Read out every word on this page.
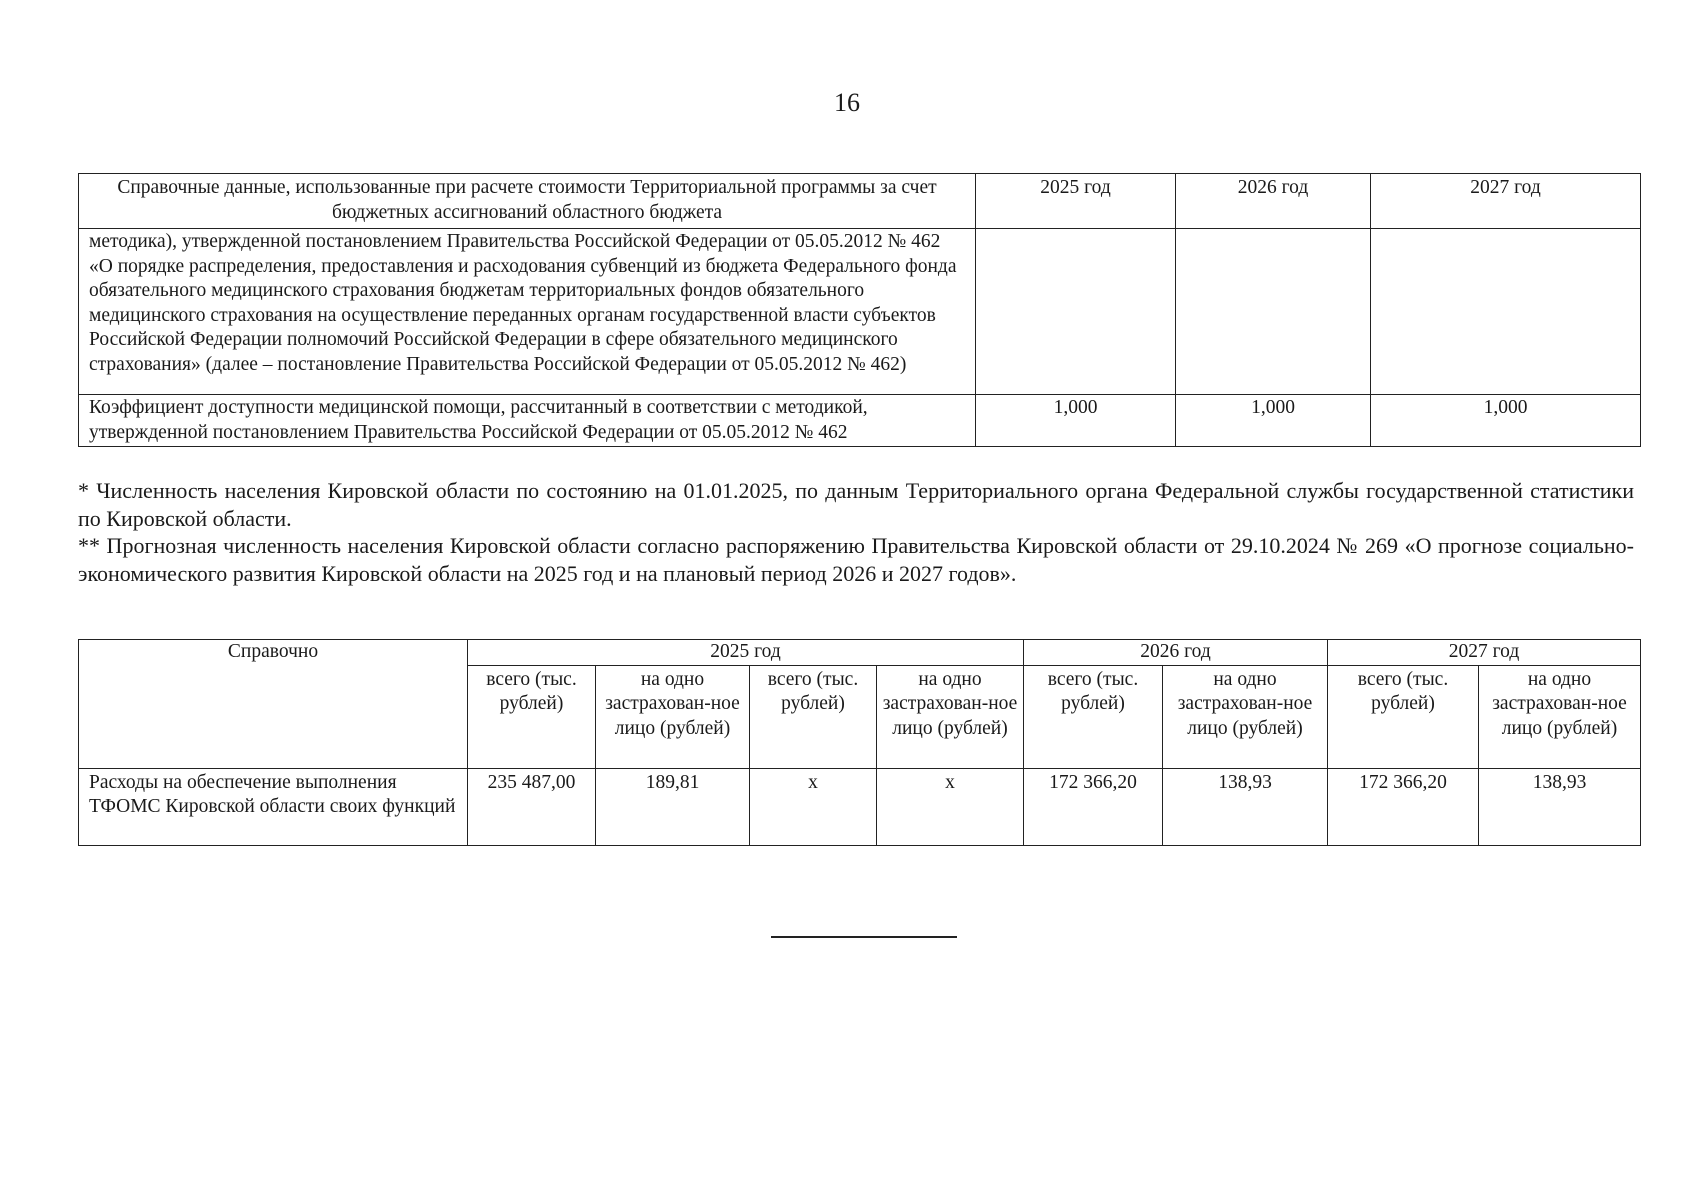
16
Справочные данные, использованные при расчете стоимости Территориальной программы за счет бюджетных ассигнований областного бюджета	2025 год	2026 год	2027 год
методика), утвержденной постановлением Правительства Российской Федерации от 05.05.2012 № 462 «О порядке распределения, предоставления и расходования субвенций из бюджета Федерального фонда обязательного медицинского страхования бюджетам территориальных фондов обязательного медицинского страхования на осуществление переданных органам государственной власти субъектов Российской Федерации полномочий Российской Федерации в сфере обязательного медицинского страхования» (далее – постановление Правительства Российской Федерации от 05.05.2012 № 462)			
Коэффициент доступности медицинской помощи, рассчитанный в соответствии с методикой, утвержденной постановлением Правительства Российской Федерации от 05.05.2012 № 462	1,000	1,000	1,000

* Численность населения Кировской области по состоянию на 01.01.2025, по данным Территориального органа Федеральной службы государственной статистики по Кировской области.

** Прогнозная численность населения Кировской области согласно распоряжению Правительства Кировской области от 29.10.2024 № 269 «О прогнозе социально-экономического развития Кировской области на 2025 год и на плановый период 2026 и 2027 годов».

Справочно	2025 год				2026 год		2027 год	
	всего (тыс. рублей)	на одно застрахован-ное лицо (рублей)	всего (тыс. рублей)	на одно застрахован-ное лицо (рублей)	всего (тыс. рублей)	на одно застрахован-ное лицо (рублей)	всего (тыс. рублей)	на одно застрахован-ное лицо (рублей)
Расходы на обеспечение выполнения ТФОМС Кировской области своих функций	235 487,00	189,81	х	х	172 366,20	138,93	172 366,20	138,93
